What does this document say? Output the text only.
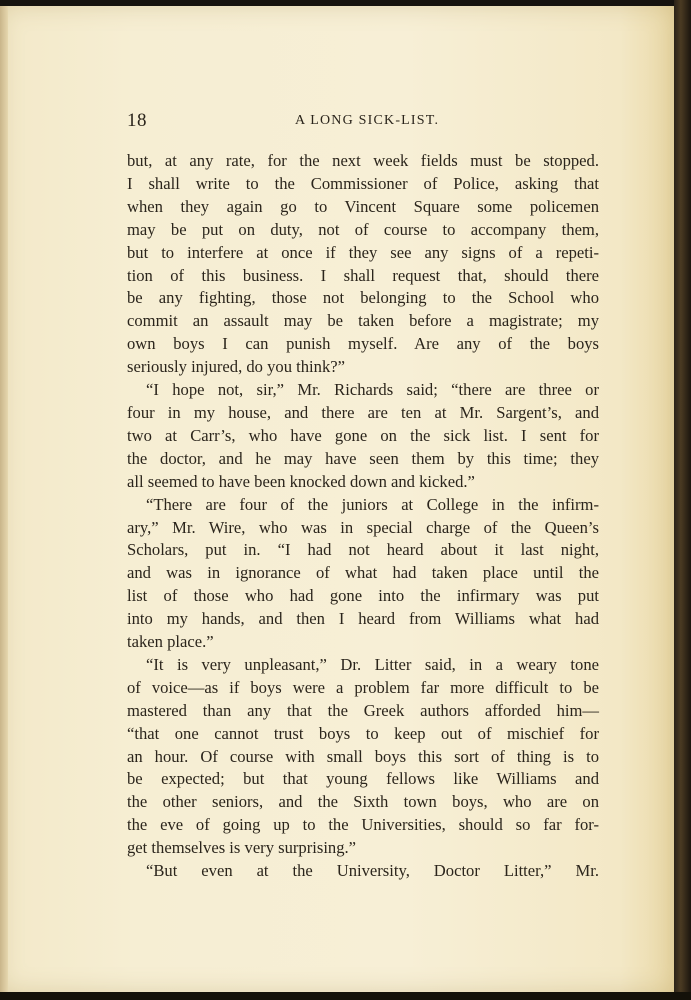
18	A LONG SICK-LIST.
but, at any rate, for the next week fields must be stopped.
I shall write to the Commissioner of Police, asking that
when they again go to Vincent Square some policemen
may be put on duty, not of course to accompany them,
but to interfere at once if they see any signs of a repeti-
tion of this business. I shall request that, should there
be any fighting, those not belonging to the School who
commit an assault may be taken before a magistrate; my
own boys I can punish myself. Are any of the boys
seriously injured, do you think?”
“I hope not, sir,” Mr. Richards said; “there are three or
four in my house, and there are ten at Mr. Sargent’s, and
two at Carr’s, who have gone on the sick list. I sent for
the doctor, and he may have seen them by this time; they
all seemed to have been knocked down and kicked.”
“There are four of the juniors at College in the infirm-
ary,” Mr. Wire, who was in special charge of the Queen’s
Scholars, put in. “I had not heard about it last night,
and was in ignorance of what had taken place until the
list of those who had gone into the infirmary was put
into my hands, and then I heard from Williams what had
taken place.”
“It is very unpleasant,” Dr. Litter said, in a weary tone
of voice—as if boys were a problem far more difficult to be
mastered than any that the Greek authors afforded him—
“that one cannot trust boys to keep out of mischief for
an hour. Of course with small boys this sort of thing is to
be expected; but that young fellows like Williams and
the other seniors, and the Sixth town boys, who are on
the eve of going up to the Universities, should so far for-
get themselves is very surprising.”
“But even at the University, Doctor Litter,” Mr.
